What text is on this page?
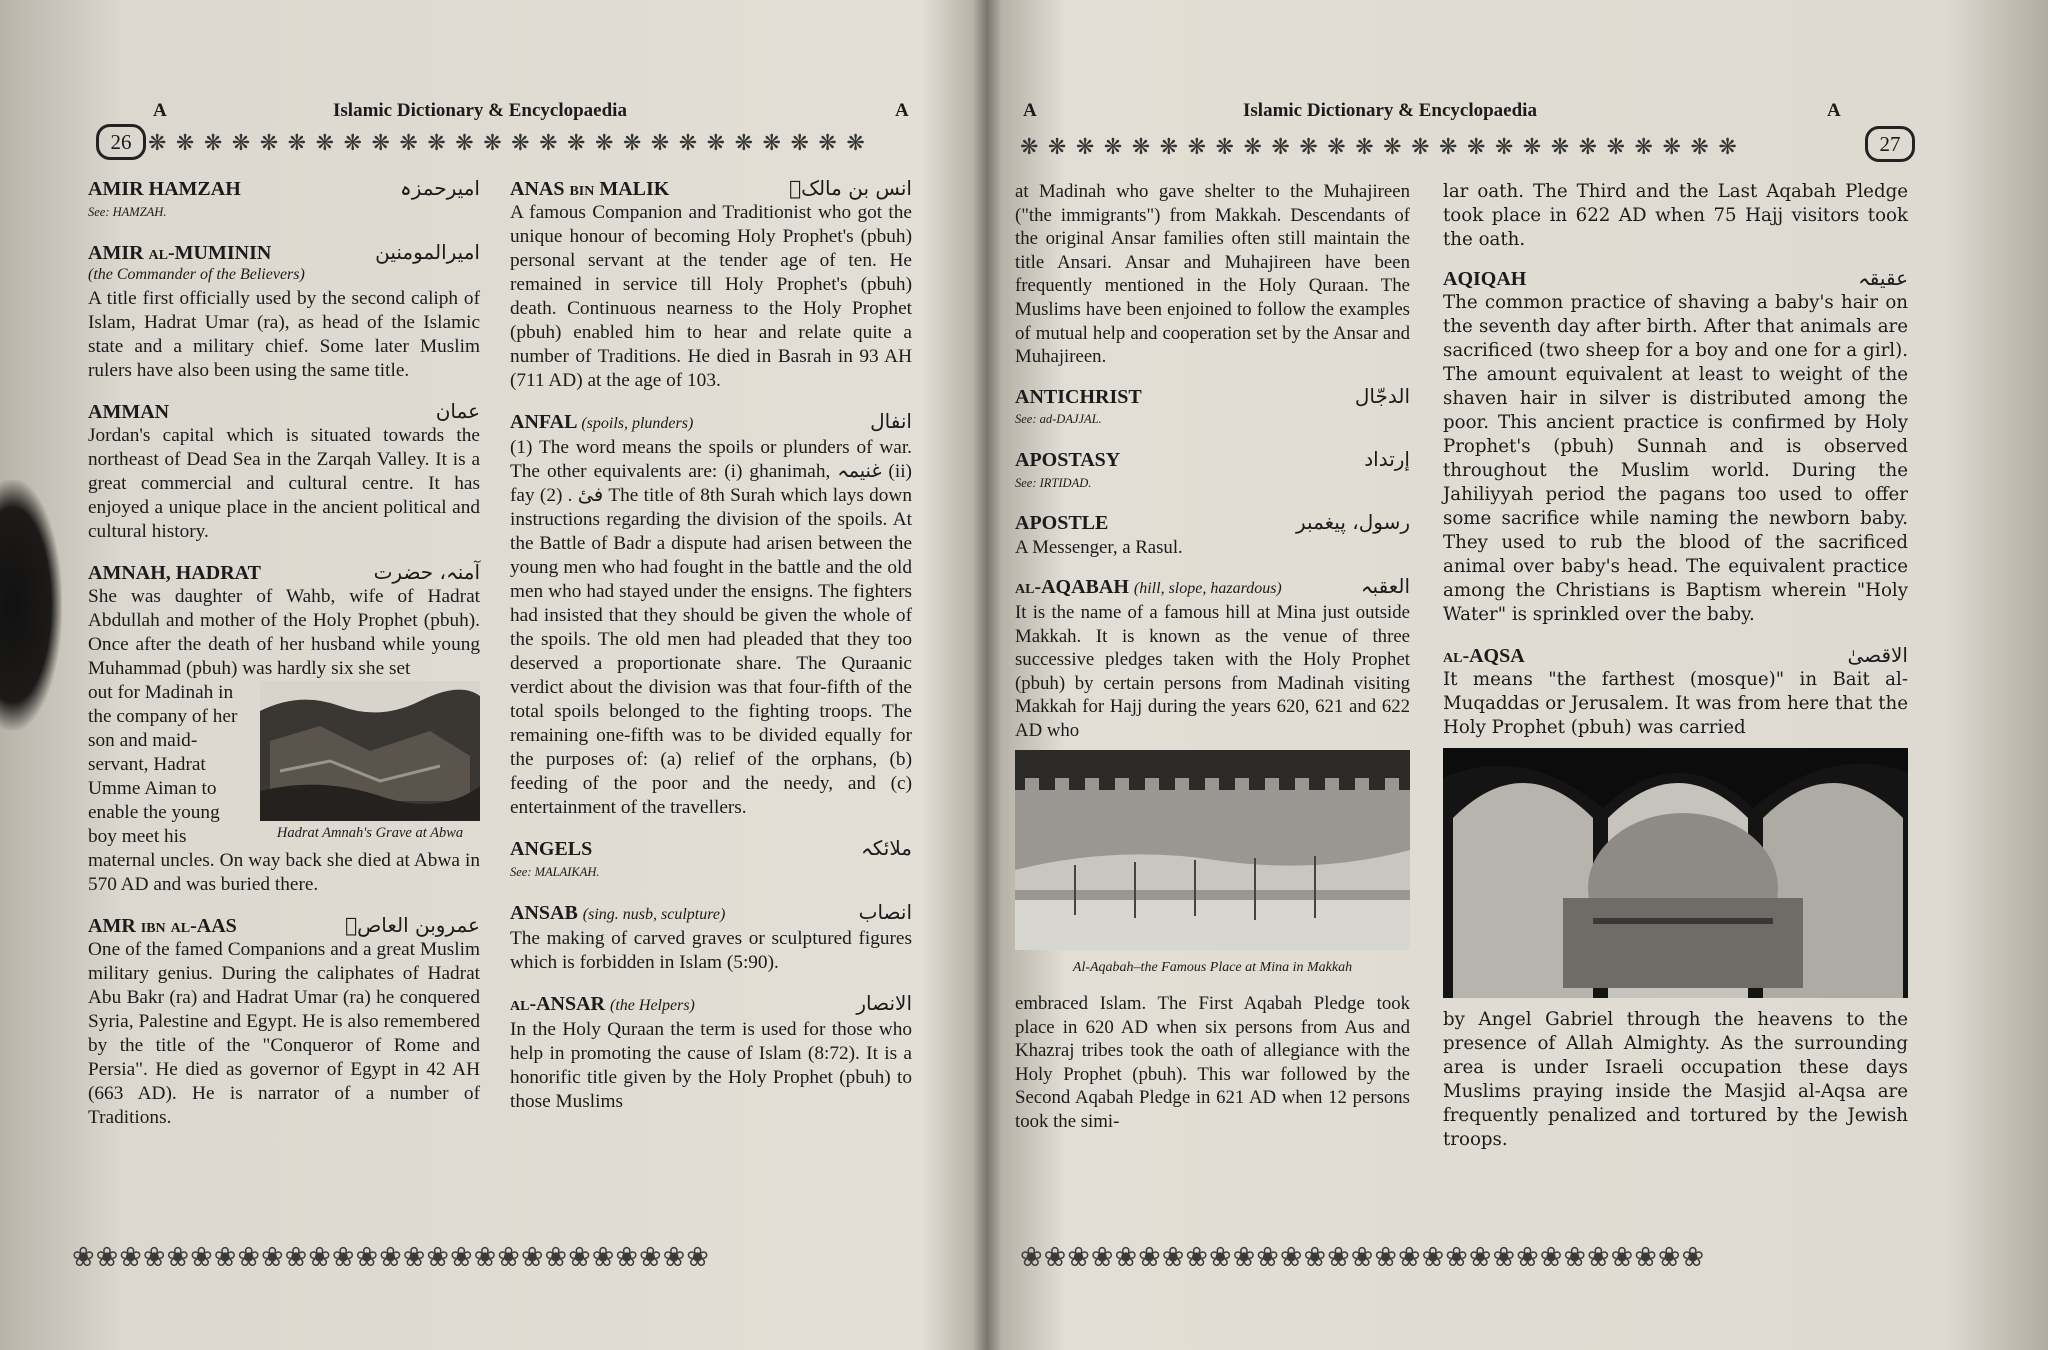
A	Islamic Dictionary & Encyclopaedia	A
26 ❋ ❋ ❋ ❋ ❋ ❋ ❋ ❋ ❋ ❋ ❋ ❋ ❋ ❋ ❋ ❋ ❋ ❋ ❋ ❋ ❋ ❋ ❋ ❋ ❋ ❋
❀❀❀❀❀❀❀❀❀❀❀❀❀❀❀❀❀❀❀❀❀❀❀❀❀❀❀
AMIR HAMZAH	امیرحمزہ
See: HAMZAH.
AMIR al-MUMININ	امیرالمومنین
(the Commander of the Believers)

A title first officially used by the second caliph of Islam, Hadrat Umar (ra), as head of the Islamic state and a military chief. Some later Muslim rulers have also been using the same title.

AMMAN	عمان

Jordan's capital which is situated towards the northeast of Dead Sea in the Zarqah Valley. It is a great commercial and cultural centre. It has enjoyed a unique place in the ancient political and cultural history.

AMNAH, HADRAT	آمنہ، حضرت

She was daughter of Wahb, wife of Hadrat Abdullah and mother of the Holy Prophet (pbuh). Once after the death of her husband while young Muhammad (pbuh) was hardly six she set

out for Madinah in the company of her son and maid-servant, Hadrat Umme Aiman to enable the young boy meet his	Hadrat Amnah's Grave at Abwa

maternal uncles. On way back she died at Abwa in 570 AD and was buried there.

AMR ibn al-AAS	عمروبن العاصؓ

One of the famed Companions and a great Muslim military genius. During the caliphates of Hadrat Abu Bakr (ra) and Hadrat Umar (ra) he conquered Syria, Palestine and Egypt. He is also remembered by the title of the "Conqueror of Rome and Persia". He died as governor of Egypt in 42 AH (663 AD). He is narrator of a number of Traditions.

ANAS bin MALIK	انس بن مالکؓ

A famous Companion and Traditionist who got the unique honour of becoming Holy Prophet's (pbuh) personal servant at the tender age of ten. He remained in service till Holy Prophet's (pbuh) death. Continuous nearness to the Holy Prophet (pbuh) enabled him to hear and relate quite a number of Traditions. He died in Basrah in 93 AH (711 AD) at the age of 103.

ANFAL (spoils, plunders)	انفال

(1) The word means the spoils or plunders of war. The other equivalents are: (i) ghanimah, غنیمہ (ii) fay فیٔ . (2) The title of 8th Surah which lays down instructions regarding the division of the spoils. At the Battle of Badr a dispute had arisen between the young men who had fought in the battle and the old men who had stayed under the ensigns. The fighters had insisted that they should be given the whole of the spoils. The old men had pleaded that they too deserved a proportionate share. The Quraanic verdict about the division was that four-fifth of the total spoils belonged to the fighting troops. The remaining one-fifth was to be divided equally for the purposes of: (a) relief of the orphans, (b) feeding of the poor and the needy, and (c) entertainment of the travellers.

ANGELS	ملائکہ
See: MALAIKAH.
ANSAB (sing. nusb, sculpture)	انصاب

The making of carved graves or sculptured figures which is forbidden in Islam (5:90).

al-ANSAR (the Helpers)	الانصار

In the Holy Quraan the term is used for those who help in promoting the cause of Islam (8:72). It is a honorific title given by the Holy Prophet (pbuh) to those Muslims

A	Islamic Dictionary & Encyclopaedia	A
27
❋ ❋ ❋ ❋ ❋ ❋ ❋ ❋ ❋ ❋ ❋ ❋ ❋ ❋ ❋ ❋ ❋ ❋ ❋ ❋ ❋ ❋ ❋ ❋ ❋ ❋
❀❀❀❀❀❀❀❀❀❀❀❀❀❀❀❀❀❀❀❀❀❀❀❀❀❀❀❀❀

at Madinah who gave shelter to the Muhajireen ("the immigrants") from Makkah. Descendants of the original Ansar families often still maintain the title Ansari. Ansar and Muhajireen have been frequently mentioned in the Holy Quraan. The Muslims have been enjoined to follow the examples of mutual help and cooperation set by the Ansar and Muhajireen.

ANTICHRIST	الدجّال
See: ad-DAJJAL.
APOSTASY	إرتداد
See: IRTIDAD.
APOSTLE	رسول، پیغمبر

A Messenger, a Rasul.

al-AQABAH (hill, slope, hazardous)	العقبہ

It is the name of a famous hill at Mina just outside Makkah. It is known as the venue of three successive pledges taken with the Holy Prophet (pbuh) by certain persons from Madinah visiting Makkah for Hajj during the years 620, 621 and 622 AD who

Al-Aqabah–the Famous Place at Mina in Makkah

embraced Islam. The First Aqabah Pledge took place in 620 AD when six persons from Aus and Khazraj tribes took the oath of allegiance with the Holy Prophet (pbuh). This war followed by the Second Aqabah Pledge in 621 AD when 12 persons took the simi-

lar oath. The Third and the Last Aqabah Pledge took place in 622 AD when 75 Hajj visitors took the oath.

AQIQAH	عقیقہ

The common practice of shaving a baby's hair on the seventh day after birth. After that animals are sacrificed (two sheep for a boy and one for a girl). The amount equivalent at least to weight of the shaven hair in silver is distributed among the poor. This ancient practice is confirmed by Holy Prophet's (pbuh) Sunnah and is observed throughout the Muslim world. During the Jahiliyyah period the pagans too used to offer some sacrifice while naming the newborn baby. They used to rub the blood of the sacrificed animal over baby's head. The equivalent practice among the Christians is Baptism wherein "Holy Water" is sprinkled over the baby.

al-AQSA	الاقصیٰ

It means "the farthest (mosque)" in Bait al-Muqaddas or Jerusalem. It was from here that the Holy Prophet (pbuh) was carried

by Angel Gabriel through the heavens to the presence of Allah Almighty. As the surrounding area is under Israeli occupation these days Muslims praying inside the Masjid al-Aqsa are frequently penalized and tortured by the Jewish troops.
